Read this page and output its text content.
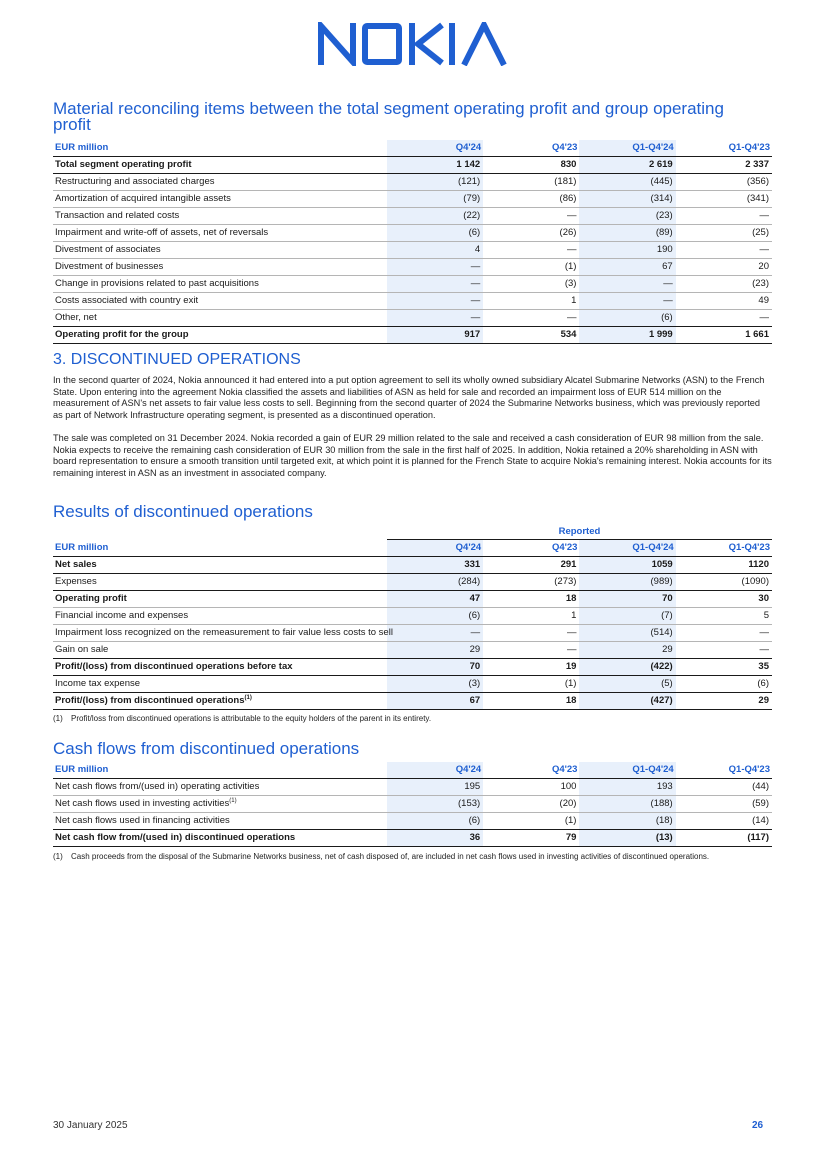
Material reconciling items between the total segment operating profit and group operating profit
EUR million	Q4'24	Q4'23	Q1-Q4'24	Q1-Q4'23
Total segment operating profit	1 142	830	2 619	2 337
Restructuring and associated charges	(121)	(181)	(445)	(356)
Amortization of acquired intangible assets	(79)	(86)	(314)	(341)
Transaction and related costs	(22)	—	(23)	—
Impairment and write-off of assets, net of reversals	(6)	(26)	(89)	(25)
Divestment of associates	4	—	190	—
Divestment of businesses	—	(1)	67	20
Change in provisions related to past acquisitions	—	(3)	—	(23)
Costs associated with country exit	—	1	—	49
Other, net	—	—	(6)	—
Operating profit for the group	917	534	1 999	1 661
3. DISCONTINUED OPERATIONS

In the second quarter of 2024, Nokia announced it had entered into a put option agreement to sell its wholly owned subsidiary Alcatel Submarine Networks (ASN) to the French State. Upon entering into the agreement Nokia classified the assets and liabilities of ASN as held for sale and recorded an impairment loss of EUR 514 million on the measurement of ASN's net assets to fair value less costs to sell. Beginning from the second quarter of 2024 the Submarine Networks business, which was previously reported as part of Network Infrastructure operating segment, is presented as a discontinued operation.

The sale was completed on 31 December 2024. Nokia recorded a gain of EUR 29 million related to the sale and received a cash consideration of EUR 98 million from the sale. Nokia expects to receive the remaining cash consideration of EUR 30 million from the sale in the first half of 2025. In addition, Nokia retained a 20% shareholding in ASN with board representation to ensure a smooth transition until targeted exit, at which point it is planned for the French State to acquire Nokia's remaining interest. Nokia accounts for its remaining interest in ASN as an investment in associated company.

Results of discontinued operations
	Reported			
EUR million	Q4'24	Q4'23	Q1-Q4'24	Q1-Q4'23
Net sales	331	291	1059	1120
Expenses	(284)	(273)	(989)	(1090)
Operating profit	47	18	70	30
Financial income and expenses	(6)	1	(7)	5
Impairment loss recognized on the remeasurement to fair value less costs to sell	—	—	(514)	—
Gain on sale	29	—	29	—
Profit/(loss) from discontinued operations before tax	70	19	(422)	35
Income tax expense	(3)	(1)	(5)	(6)
Profit/(loss) from discontinued operations$^{(1)}$	67	18	(427)	29
(1)	Profit/loss from discontinued operations is attributable to the equity holders of the parent in its entirety.
Cash flows from discontinued operations
EUR million	Q4'24	Q4'23	Q1-Q4'24	Q1-Q4'23
Net cash flows from/(used in) operating activities	195	100	193	(44)
Net cash flows used in investing activities$^{(1)}$	(153)	(20)	(188)	(59)
Net cash flows used in financing activities	(6)	(1)	(18)	(14)
Net cash flow from/(used in) discontinued operations	36	79	(13)	(117)
(1)	Cash proceeds from the disposal of the Submarine Networks business, net of cash disposed of, are included in net cash flows used in investing activities of discontinued operations.
30 January 2025	26
